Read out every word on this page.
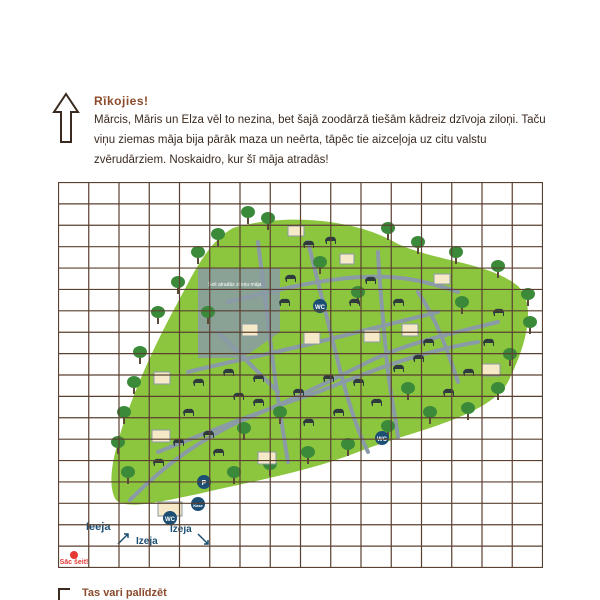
Rīkojies!
Mārcis, Māris un Elza vēl to nezina, bet šajā zoodārzā tiešām kādreiz dzīvoja ziloņi. Taču viņu ziemas māja bija pārāk maza un neērta, tāpēc tie aizceļoja uz citu valstu zvērudārziem. Noskaidro, kur šī māja atradās!
Šeit atradās ziloņu māja
WC
WC
WC
P
Kase
Ieeja
Izeja
Izeja
Sāc šeit!
Tas vari palīdzēt
